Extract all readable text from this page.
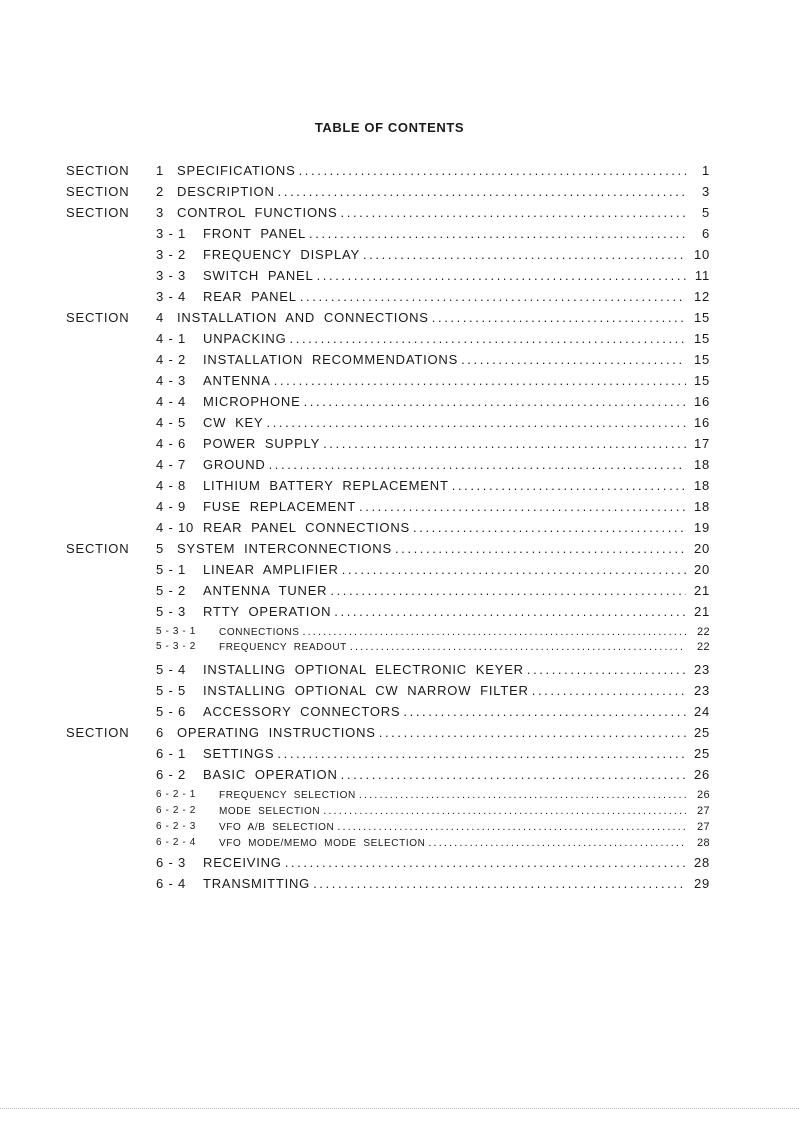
TABLE OF CONTENTS
SECTION 1 SPECIFICATIONS .....	1
SECTION 2 DESCRIPTION .....	3
SECTION 3 CONTROL  FUNCTIONS .....	5
3 - 1 FRONT  PANEL .....	6
3 - 2 FREQUENCY  DISPLAY .....	10
3 - 3 SWITCH  PANEL .....	11
3 - 4 REAR  PANEL .....	12
SECTION 4 INSTALLATION  AND  CONNECTIONS .....	15
4 - 1 UNPACKING .....	15
4 - 2 INSTALLATION  RECOMMENDATIONS .....	15
4 - 3 ANTENNA .....	15
4 - 4 MICROPHONE .....	16
4 - 5 CW  KEY .....	16
4 - 6 POWER  SUPPLY .....	17
4 - 7 GROUND .....	18
4 - 8 LITHIUM  BATTERY  REPLACEMENT .....	18
4 - 9 FUSE  REPLACEMENT .....	18
4 - 10 REAR  PANEL  CONNECTIONS .....	19
SECTION 5 SYSTEM  INTERCONNECTIONS .....	20
5 - 1 LINEAR  AMPLIFIER .....	20
5 - 2 ANTENNA  TUNER .....	21
5 - 3 RTTY  OPERATION .....	21
5 - 3 - 1 CONNECTIONS .....	22
5 - 3 - 2 FREQUENCY  READOUT .....	22
5 - 4 INSTALLING  OPTIONAL  ELECTRONIC  KEYER .....	23
5 - 5 INSTALLING  OPTIONAL  CW  NARROW  FILTER .....	23
5 - 6 ACCESSORY  CONNECTORS .....	24
SECTION 6 OPERATING  INSTRUCTIONS .....	25
6 - 1 SETTINGS .....	25
6 - 2 BASIC  OPERATION .....	26
6 - 2 - 1 FREQUENCY  SELECTION .....	26
6 - 2 - 2 MODE  SELECTION .....	27
6 - 2 - 3 VFO  A/B  SELECTION .....	27
6 - 2 - 4 VFO  MODE/MEMO  MODE  SELECTION .....	28
6 - 3 RECEIVING .....	28
6 - 4 TRANSMITTING .....	29
